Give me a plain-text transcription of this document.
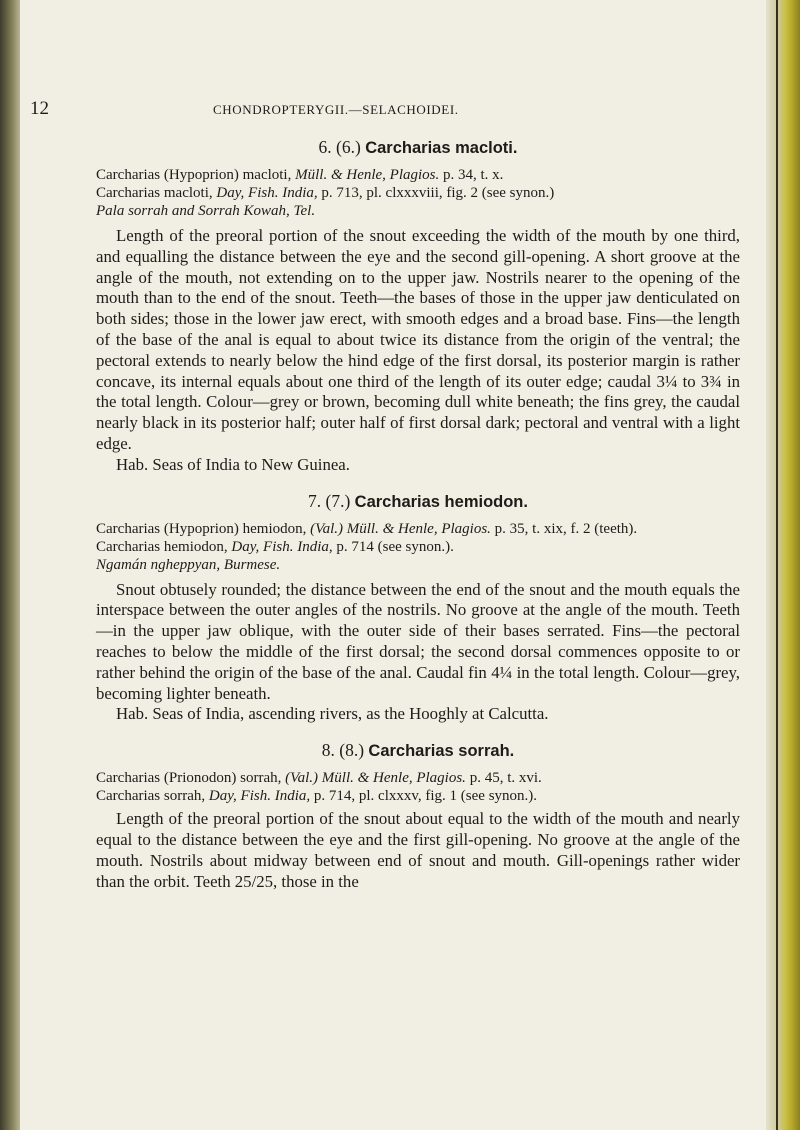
12	CHONDROPTERYGII.—SELACHOIDEI.
6. (6.) Carcharias macloti.

Carcharias (Hypoprion) macloti, Müll. & Henle, Plagios. p. 34, t. x.

Carcharias macloti, Day, Fish. India, p. 713, pl. clxxxviii, fig. 2 (see synon.)

Pala sorrah and Sorrah Kowah, Tel.

Length of the preoral portion of the snout exceeding the width of the mouth by one third, and equalling the distance between the eye and the second gill-opening. A short groove at the angle of the mouth, not extending on to the upper jaw. Nostrils nearer to the opening of the mouth than to the end of the snout. Teeth—the bases of those in the upper jaw denticulated on both sides; those in the lower jaw erect, with smooth edges and a broad base. Fins—the length of the base of the anal is equal to about twice its distance from the origin of the ventral; the pectoral extends to nearly below the hind edge of the first dorsal, its posterior margin is rather concave, its internal equals about one third of the length of its outer edge; caudal 3¼ to 3¾ in the total length. Colour—grey or brown, becoming dull white beneath; the fins grey, the caudal nearly black in its posterior half; outer half of first dorsal dark; pectoral and ventral with a light edge.

Hab. Seas of India to New Guinea.

7. (7.) Carcharias hemiodon.

Carcharias (Hypoprion) hemiodon, (Val.) Müll. & Henle, Plagios. p. 35, t. xix, f. 2 (teeth).

Carcharias hemiodon, Day, Fish. India, p. 714 (see synon.).

Ngamán ngheppyan, Burmese.

Snout obtusely rounded; the distance between the end of the snout and the mouth equals the interspace between the outer angles of the nostrils. No groove at the angle of the mouth. Teeth—in the upper jaw oblique, with the outer side of their bases serrated. Fins—the pectoral reaches to below the middle of the first dorsal; the second dorsal commences opposite to or rather behind the origin of the base of the anal. Caudal fin 4¼ in the total length. Colour—grey, becoming lighter beneath.

Hab. Seas of India, ascending rivers, as the Hooghly at Calcutta.

8. (8.) Carcharias sorrah.

Carcharias (Prionodon) sorrah, (Val.) Müll. & Henle, Plagios. p. 45, t. xvi.

Carcharias sorrah, Day, Fish. India, p. 714, pl. clxxxv, fig. 1 (see synon.).

Length of the preoral portion of the snout about equal to the width of the mouth and nearly equal to the distance between the eye and the first gill-opening. No groove at the angle of the mouth. Nostrils about midway between end of snout and mouth. Gill-openings rather wider than the orbit. Teeth 25/25, those in the
